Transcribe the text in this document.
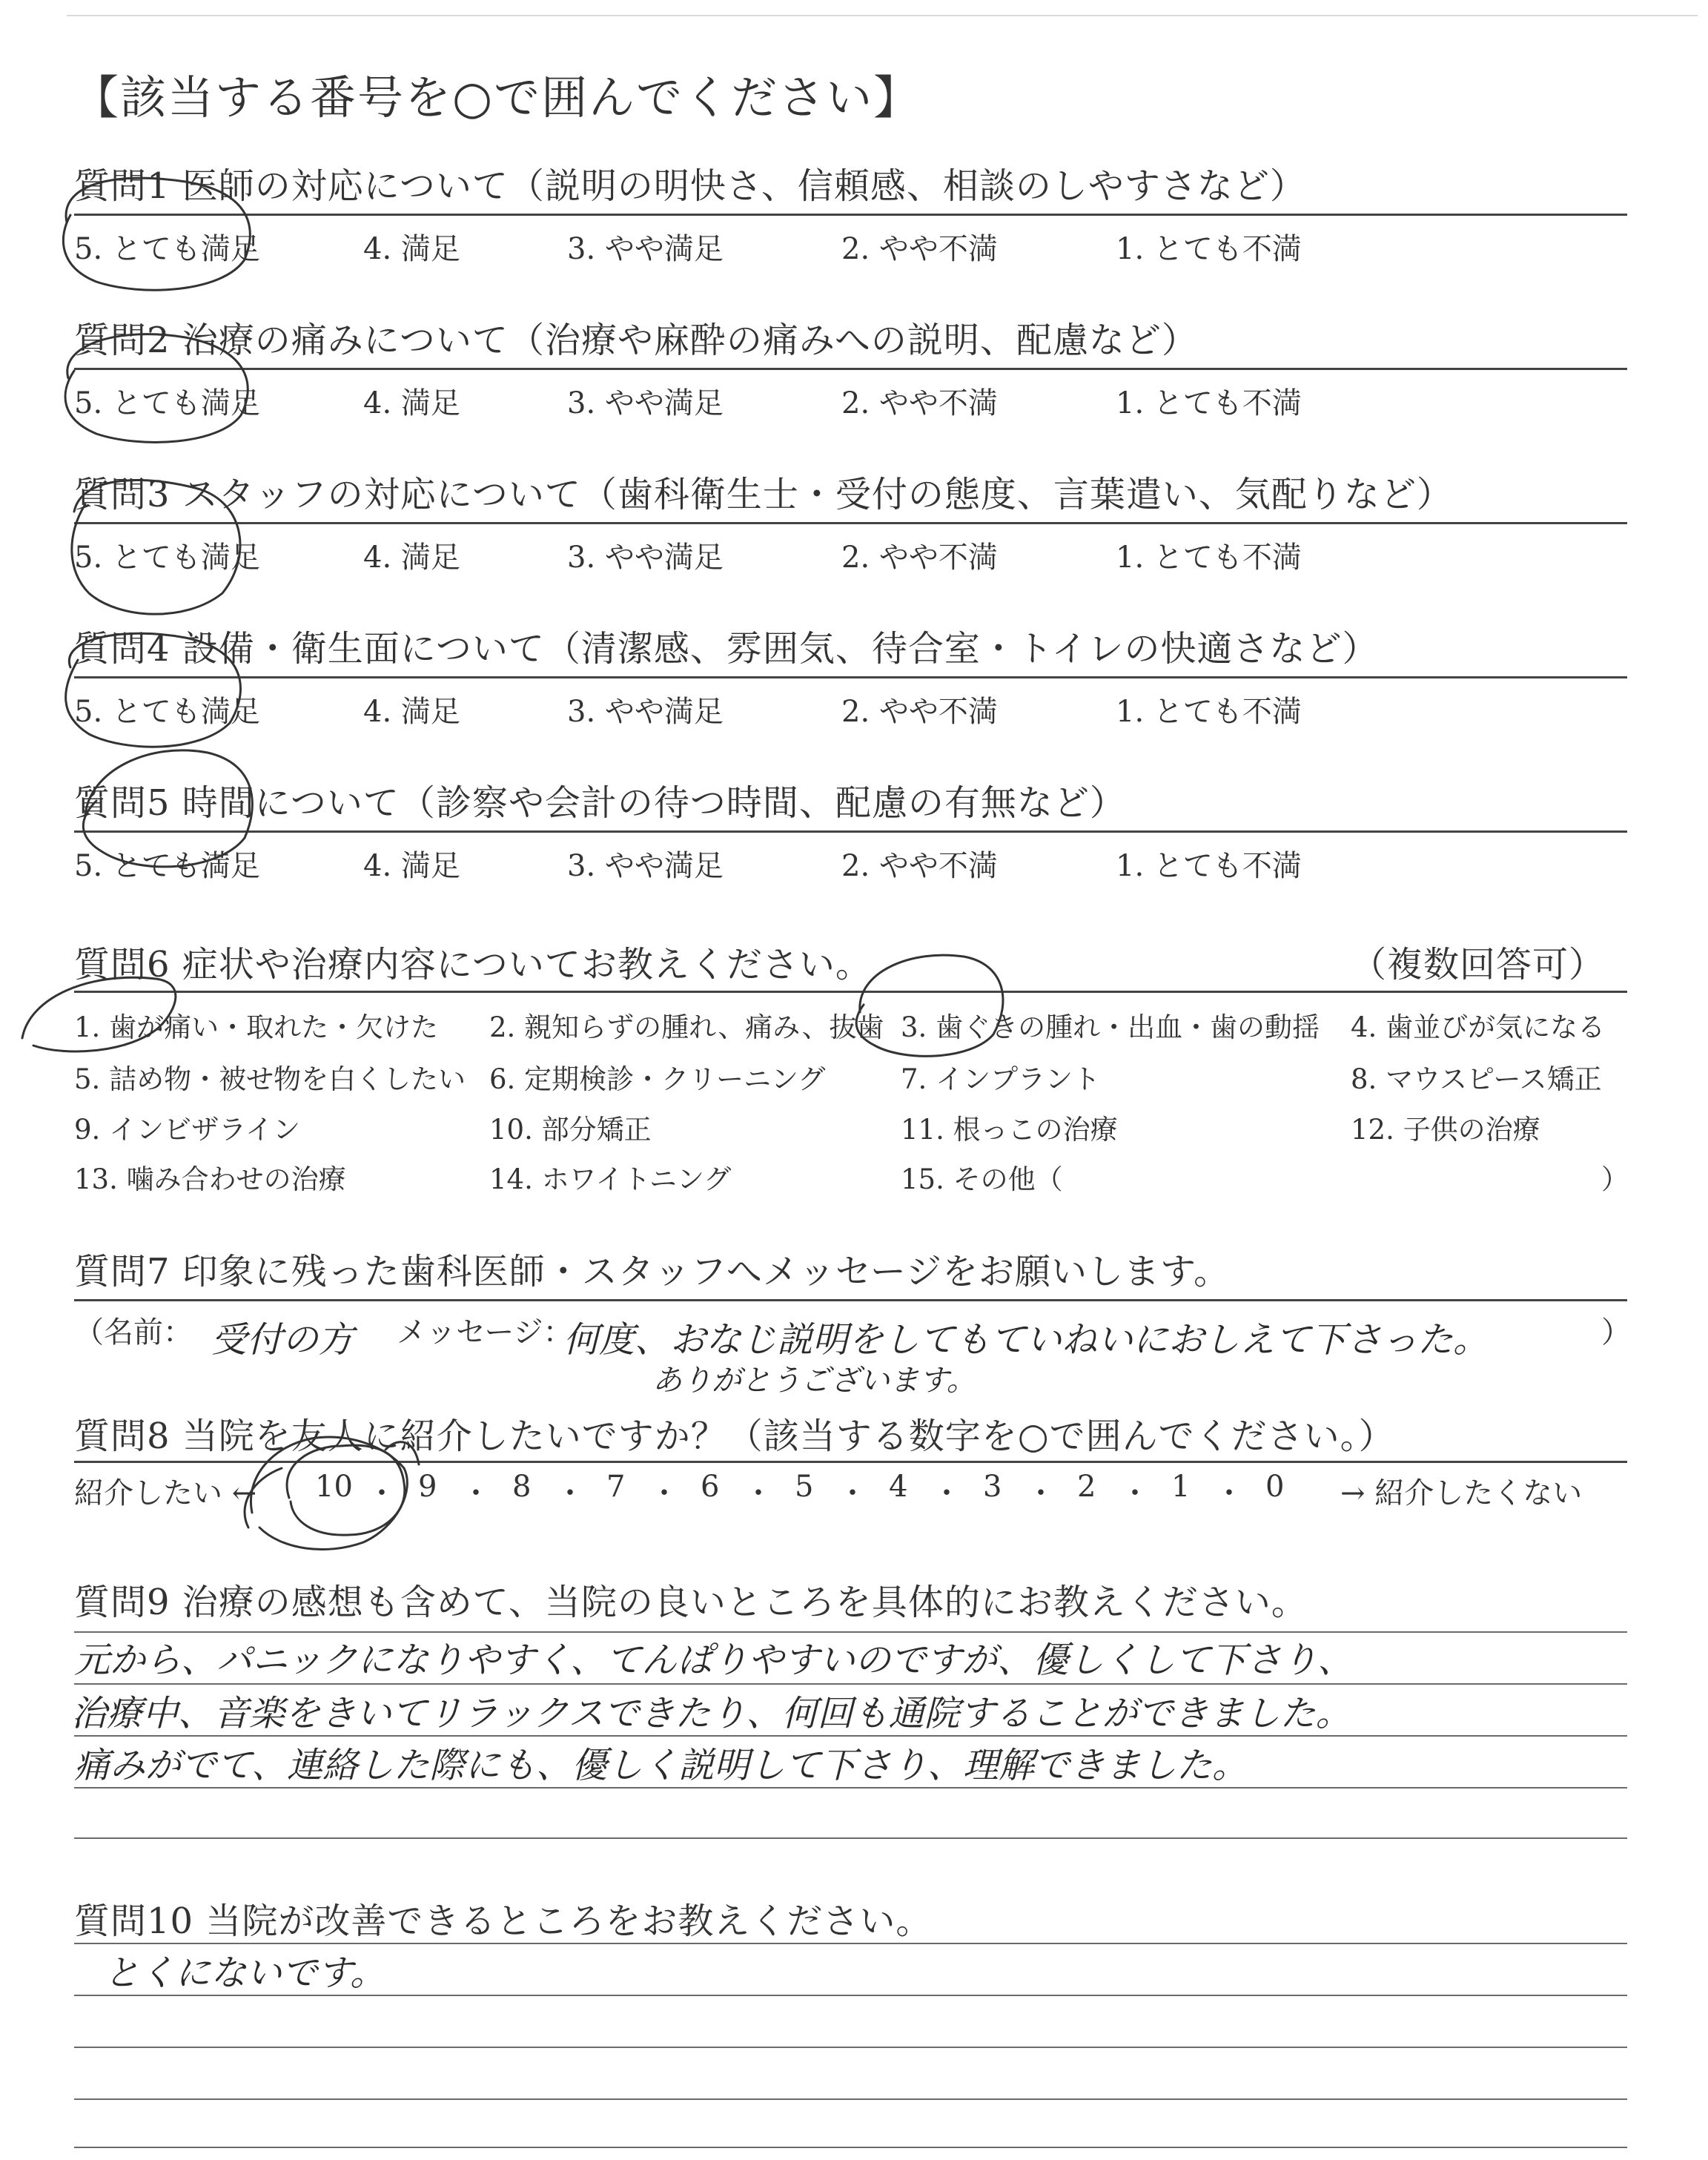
【該当する番号を○で囲んでください】
質問1 医師の対応について（説明の明快さ、信頼感、相談のしやすさなど）
5. とても満足	4. 満足	3. やや満足	2. やや不満	1. とても不満
質問2 治療の痛みについて（治療や麻酔の痛みへの説明、配慮など）
5. とても満足	4. 満足	3. やや満足	2. やや不満	1. とても不満
質問3 スタッフの対応について（歯科衛生士・受付の態度、言葉遣い、気配りなど）
5. とても満足	4. 満足	3. やや満足	2. やや不満	1. とても不満
質問4 設備・衛生面について（清潔感、雰囲気、待合室・トイレの快適さなど）
5. とても満足	4. 満足	3. やや満足	2. やや不満	1. とても不満
質問5 時間について（診察や会計の待つ時間、配慮の有無など）
5. とても満足	4. 満足	3. やや満足	2. やや不満	1. とても不満
質問6 症状や治療内容についてお教えください。	（複数回答可）
1. 歯が痛い・取れた・欠けた 2. 親知らずの腫れ、痛み、抜歯 3. 歯ぐきの腫れ・出血・歯の動揺 4. 歯並びが気になる
5. 詰め物・被せ物を白くしたい 6. 定期検診・クリーニング	7. インプラント	8. マウスピース矯正
9. インビザライン	10. 部分矯正	11. 根っこの治療	12. 子供の治療
13. 噛み合わせの治療	14. ホワイトニング	15. その他（	）
質問7 印象に残った歯科医師・スタッフへメッセージをお願いします。
（名前： 受付の方 メッセージ：
何度、おなじ説明をしてもていねいにおしえて下さった。
ありがとうございます。
）
質問8 当院を友人に紹介したいですか？（該当する数字を○で囲んでください。）
紹介したい ← 10 ・ 9 ・ 8 ・ 7 ・ 6 ・ 5 ・ 4 ・ 3 ・ 2 ・ 1 ・ 0 → 紹介したくない
質問9 治療の感想も含めて、当院の良いところを具体的にお教えください。
元から、パニックになりやすく、てんぱりやすいのですが、優しくして下さり、
治療中、音楽をきいてリラックスできたり、何回も通院することができました。
痛みがでて、連絡した際にも、優しく説明して下さり、理解できました。
質問10 当院が改善できるところをお教えください。
とくにないです。
